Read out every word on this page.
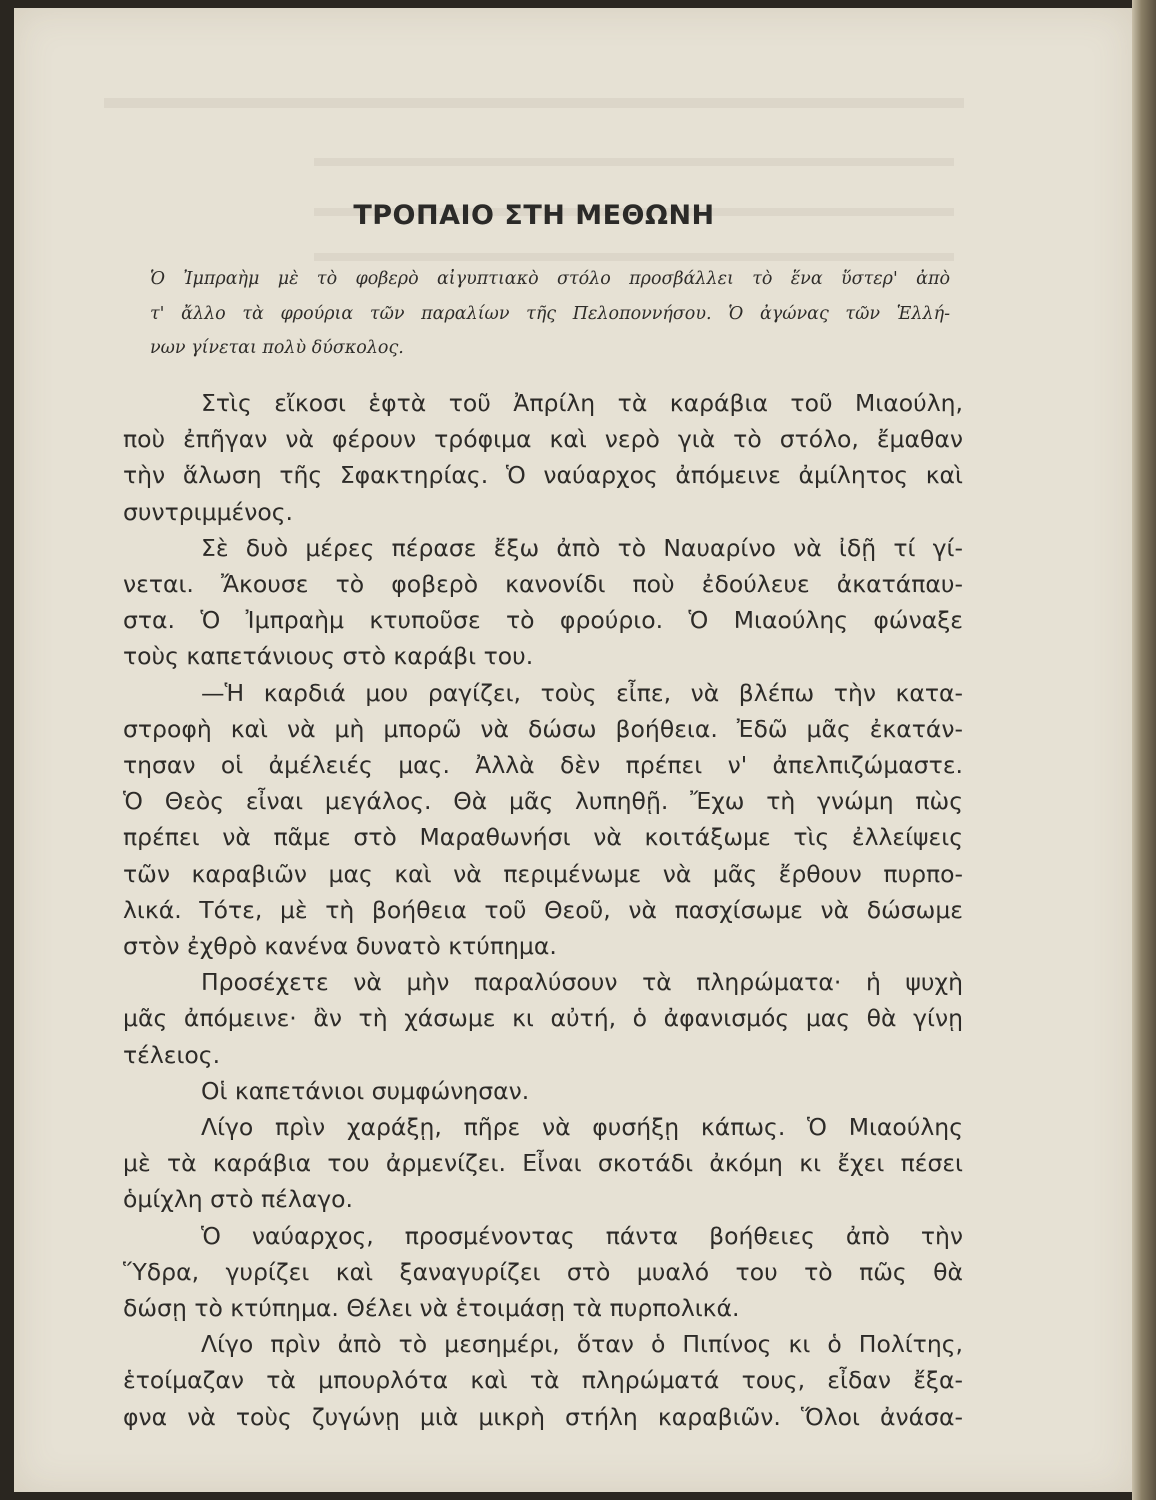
ΤΡΟΠΑΙΟ ΣΤΗ ΜΕΘΩΝΗ
Ὁ Ἰμπραὴμ μὲ τὸ φοβερὸ αἰγυπτιακὸ στόλο προσβάλλει τὸ ἕνα ὕστερ' ἀπὸ
τ' ἄλλο τὰ φρούρια τῶν παραλίων τῆς Πελοποννήσου. Ὁ ἀγώνας τῶν Ἑλλή-
νων γίνεται πολὺ δύσκολος.
Στὶς εἴκοσι ἑφτὰ τοῦ Ἀπρίλη τὰ καράβια τοῦ Μιαούλη,
ποὺ ἐπῆγαν νὰ φέρουν τρόφιμα καὶ νερὸ γιὰ τὸ στόλο, ἔμαθαν
τὴν ἅλωση τῆς Σφακτηρίας. Ὁ ναύαρχος ἀπόμεινε ἀμίλητος καὶ
συντριμμένος.
Σὲ δυὸ μέρες πέρασε ἔξω ἀπὸ τὸ Ναυαρίνο νὰ ἰδῇ τί γί-
νεται. Ἄκουσε τὸ φοβερὸ κανονίδι ποὺ ἐδούλευε ἀκατάπαυ-
στα. Ὁ Ἰμπραὴμ κτυποῦσε τὸ φρούριο. Ὁ Μιαούλης φώναξε
τοὺς καπετάνιους στὸ καράβι του.
—Ἡ καρδιά μου ραγίζει, τοὺς εἶπε, νὰ βλέπω τὴν κατα-
στροφὴ καὶ νὰ μὴ μπορῶ νὰ δώσω βοήθεια. Ἐδῶ μᾶς ἐκατάν-
τησαν οἱ ἀμέλειές μας. Ἀλλὰ δὲν πρέπει ν' ἀπελπιζώμαστε.
Ὁ Θεὸς εἶναι μεγάλος. Θὰ μᾶς λυπηθῇ. Ἔχω τὴ γνώμη πὼς
πρέπει νὰ πᾶμε στὸ Μαραθωνήσι νὰ κοιτάξωμε τὶς ἐλλείψεις
τῶν καραβιῶν μας καὶ νὰ περιμένωμε νὰ μᾶς ἔρθουν πυρπο-
λικά. Τότε, μὲ τὴ βοήθεια τοῦ Θεοῦ, νὰ πασχίσωμε νὰ δώσωμε
στὸν ἐχθρὸ κανένα δυνατὸ κτύπημα.
Προσέχετε νὰ μὴν παραλύσουν τὰ πληρώματα· ἡ ψυχὴ
μᾶς ἀπόμεινε· ἂν τὴ χάσωμε κι αὐτή, ὁ ἀφανισμός μας θὰ γίνῃ
τέλειος.
Οἱ καπετάνιοι συμφώνησαν.
Λίγο πρὶν χαράξῃ, πῆρε νὰ φυσήξῃ κάπως. Ὁ Μιαούλης
μὲ τὰ καράβια του ἀρμενίζει. Εἶναι σκοτάδι ἀκόμη κι ἔχει πέσει
ὁμίχλη στὸ πέλαγο.
Ὁ ναύαρχος, προσμένοντας πάντα βοήθειες ἀπὸ τὴν
Ὕδρα, γυρίζει καὶ ξαναγυρίζει στὸ μυαλό του τὸ πῶς θὰ
δώσῃ τὸ κτύπημα. Θέλει νὰ ἑτοιμάσῃ τὰ πυρπολικά.
Λίγο πρὶν ἀπὸ τὸ μεσημέρι, ὅταν ὁ Πιπίνος κι ὁ Πολίτης,
ἑτοίμαζαν τὰ μπουρλότα καὶ τὰ πληρώματά τους, εἶδαν ἔξα-
φνα νὰ τοὺς ζυγώνῃ μιὰ μικρὴ στήλη καραβιῶν. Ὅλοι ἀνάσα-
